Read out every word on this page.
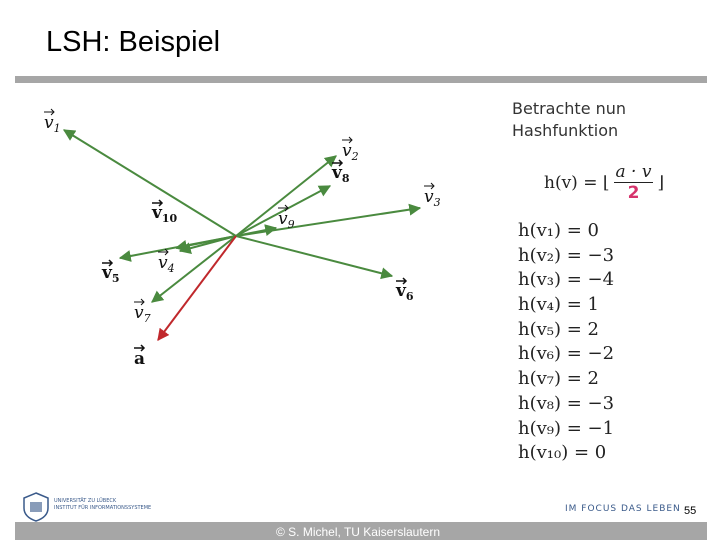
LSH: Beispiel
$v_1$
$v_2$
$v_8$
$v_3$
$v_{10}$	$v_9$
$v_4$
$v_5$
$v_6$
$v_7$
a
Betrachte nun
Hashfunktion
h(v) = ⌊ $\frac{a \cdot v}{2}$ ⌋
h(v₁) = 0
h(v₂) = −3
h(v₃) = −4
h(v₄) = 1
h(v₅) = 2
h(v₆) = −2
h(v₇) = 2
h(v₈) = −3
h(v₉) = −1
h(v₁₀) = 0
UNIVERSITÄT ZU LÜBECK
INSTITUT FÜR INFORMATIONSSYSTEME	IM FOCUS DAS LEBEN 55
© S. Michel, TU Kaiserslautern
